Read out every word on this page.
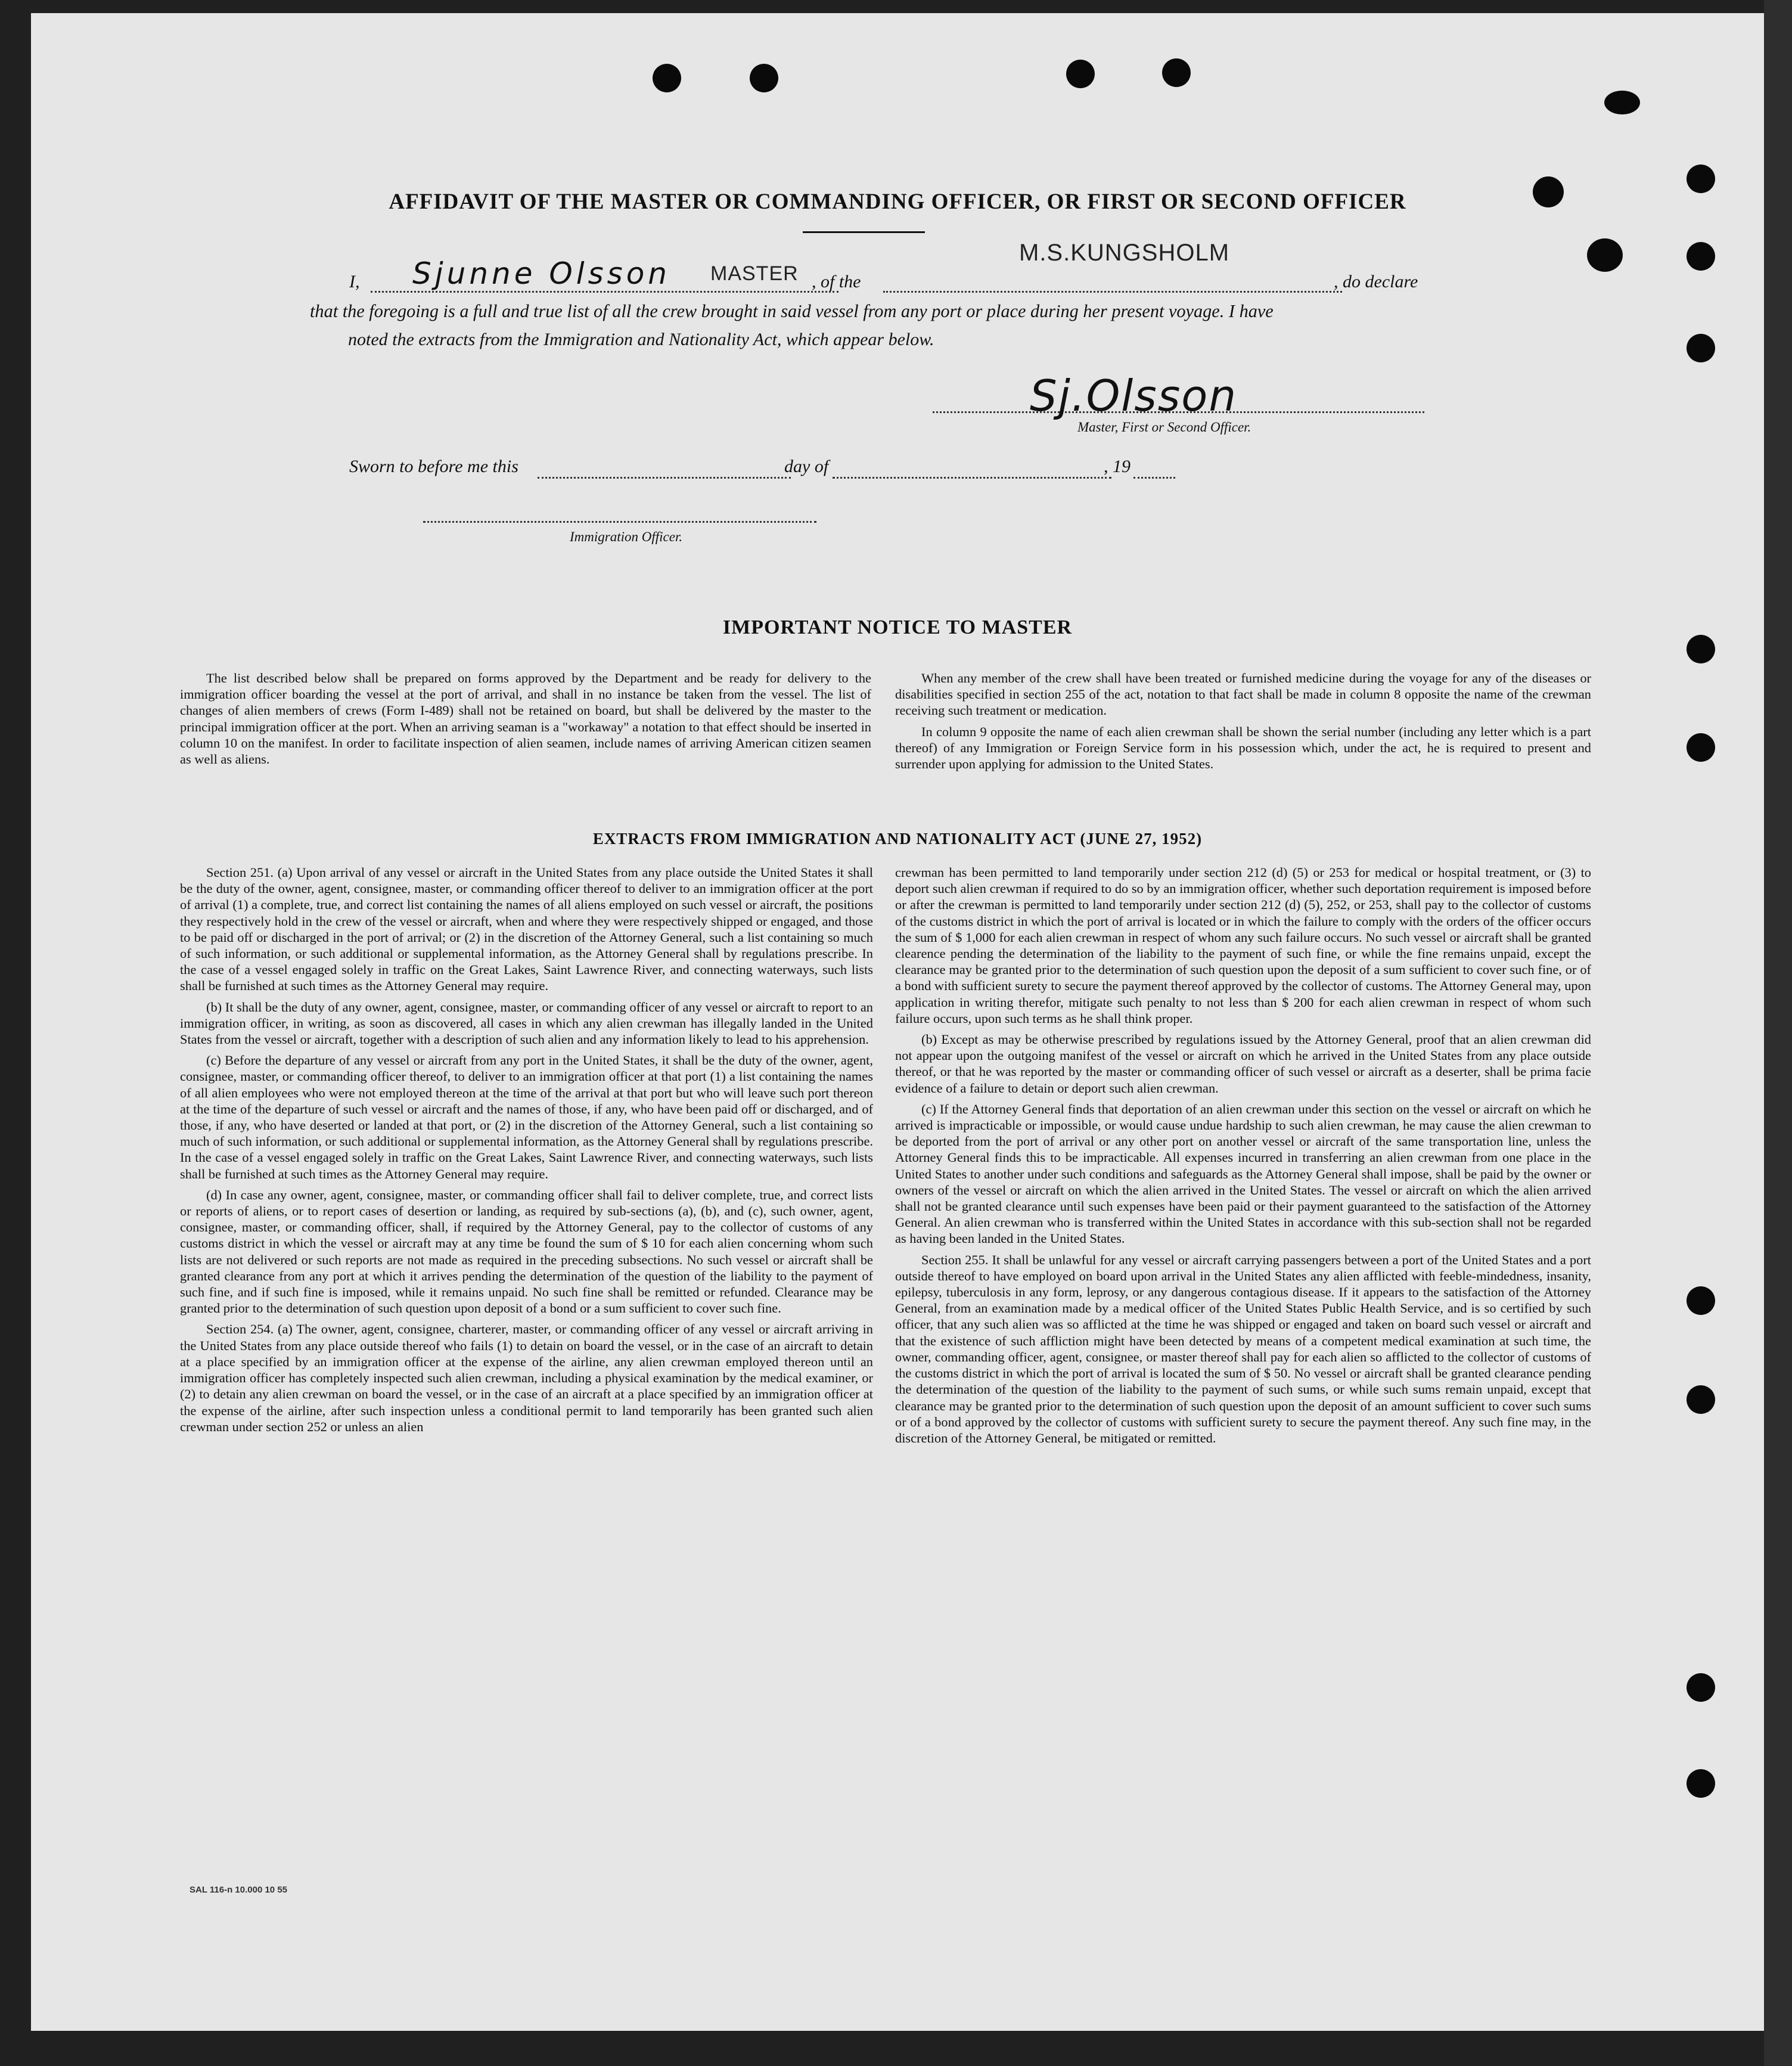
AFFIDAVIT OF THE MASTER OR COMMANDING OFFICER, OR FIRST OR SECOND OFFICER
I, Sjunne Olsson MASTER , of the
M.S.KUNGSHOLM
, do declare
that the foregoing is a full and true list of all the crew brought in said vessel from any port or place during her present voyage. I have
noted the extracts from the Immigration and Nationality Act, which appear below.
Sj.Olsson
Master, First or Second Officer.
Sworn to before me this	day of	, 19
Immigration Officer.
IMPORTANT NOTICE TO MASTER

The list described below shall be prepared on forms approved by the Department and be ready for delivery to the immigration officer boarding the vessel at the port of arrival, and shall in no instance be taken from the vessel. The list of changes of alien members of crews (Form I-489) shall not be retained on board, but shall be delivered by the master to the principal immigration officer at the port. When an arriving seaman is a "workaway" a notation to that effect should be inserted in column 10 on the manifest. In order to facilitate inspection of alien seamen, include names of arriving American citizen seamen as well as aliens.

When any member of the crew shall have been treated or furnished medicine during the voyage for any of the diseases or disabilities specified in section 255 of the act, notation to that fact shall be made in column 8 opposite the name of the crewman receiving such treatment or medication.

In column 9 opposite the name of each alien crewman shall be shown the serial number (including any letter which is a part thereof) of any Immigration or Foreign Service form in his possession which, under the act, he is required to present and surrender upon applying for admission to the United States.

EXTRACTS FROM IMMIGRATION AND NATIONALITY ACT (JUNE 27, 1952)

Section 251. (a) Upon arrival of any vessel or aircraft in the United States from any place outside the United States it shall be the duty of the owner, agent, consignee, master, or commanding officer thereof to deliver to an immigration officer at the port of arrival (1) a complete, true, and correct list containing the names of all aliens employed on such vessel or aircraft, the positions they respectively hold in the crew of the vessel or aircraft, when and where they were respectively shipped or engaged, and those to be paid off or discharged in the port of arrival; or (2) in the discretion of the Attorney General, such a list containing so much of such information, or such additional or supplemental information, as the Attorney General shall by regulations prescribe. In the case of a vessel engaged solely in traffic on the Great Lakes, Saint Lawrence River, and connecting waterways, such lists shall be furnished at such times as the Attorney General may require.

(b) It shall be the duty of any owner, agent, consignee, master, or commanding officer of any vessel or aircraft to report to an immigration officer, in writing, as soon as discovered, all cases in which any alien crewman has illegally landed in the United States from the vessel or aircraft, together with a description of such alien and any information likely to lead to his apprehension.

(c) Before the departure of any vessel or aircraft from any port in the United States, it shall be the duty of the owner, agent, consignee, master, or commanding officer thereof, to deliver to an immigration officer at that port (1) a list containing the names of all alien employees who were not employed thereon at the time of the arrival at that port but who will leave such port thereon at the time of the departure of such vessel or aircraft and the names of those, if any, who have been paid off or discharged, and of those, if any, who have deserted or landed at that port, or (2) in the discretion of the Attorney General, such a list containing so much of such information, or such additional or supplemental information, as the Attorney General shall by regulations prescribe. In the case of a vessel engaged solely in traffic on the Great Lakes, Saint Lawrence River, and connecting waterways, such lists shall be furnished at such times as the Attorney General may require.

(d) In case any owner, agent, consignee, master, or commanding officer shall fail to deliver complete, true, and correct lists or reports of aliens, or to report cases of desertion or landing, as required by sub-sections (a), (b), and (c), such owner, agent, consignee, master, or commanding officer, shall, if required by the Attorney General, pay to the collector of customs of any customs district in which the vessel or aircraft may at any time be found the sum of $ 10 for each alien concerning whom such lists are not delivered or such reports are not made as required in the preceding subsections. No such vessel or aircraft shall be granted clearance from any port at which it arrives pending the determination of the question of the liability to the payment of such fine, and if such fine is imposed, while it remains unpaid. No such fine shall be remitted or refunded. Clearance may be granted prior to the determination of such question upon deposit of a bond or a sum sufficient to cover such fine.

Section 254. (a) The owner, agent, consignee, charterer, master, or commanding officer of any vessel or aircraft arriving in the United States from any place outside thereof who fails (1) to detain on board the vessel, or in the case of an aircraft to detain at a place specified by an immigration officer at the expense of the airline, any alien crewman employed thereon until an immigration officer has completely inspected such alien crewman, including a physical examination by the medical examiner, or (2) to detain any alien crewman on board the vessel, or in the case of an aircraft at a place specified by an immigration officer at the expense of the airline, after such inspection unless a conditional permit to land temporarily has been granted such alien crewman under section 252 or unless an alien

crewman has been permitted to land temporarily under section 212 (d) (5) or 253 for medical or hospital treatment, or (3) to deport such alien crewman if required to do so by an immigration officer, whether such deportation requirement is imposed before or after the crewman is permitted to land temporarily under section 212 (d) (5), 252, or 253, shall pay to the collector of customs of the customs district in which the port of arrival is located or in which the failure to comply with the orders of the officer occurs the sum of $ 1,000 for each alien crewman in respect of whom any such failure occurs. No such vessel or aircraft shall be granted clearence pending the determination of the liability to the payment of such fine, or while the fine remains unpaid, except the clearance may be granted prior to the determination of such question upon the deposit of a sum sufficient to cover such fine, or of a bond with sufficient surety to secure the payment thereof approved by the collector of customs. The Attorney General may, upon application in writing therefor, mitigate such penalty to not less than $ 200 for each alien crewman in respect of whom such failure occurs, upon such terms as he shall think proper.

(b) Except as may be otherwise prescribed by regulations issued by the Attorney General, proof that an alien crewman did not appear upon the outgoing manifest of the vessel or aircraft on which he arrived in the United States from any place outside thereof, or that he was reported by the master or commanding officer of such vessel or aircraft as a deserter, shall be prima facie evidence of a failure to detain or deport such alien crewman.

(c) If the Attorney General finds that deportation of an alien crewman under this section on the vessel or aircraft on which he arrived is impracticable or impossible, or would cause undue hardship to such alien crewman, he may cause the alien crewman to be deported from the port of arrival or any other port on another vessel or aircraft of the same transportation line, unless the Attorney General finds this to be impracticable. All expenses incurred in transferring an alien crewman from one place in the United States to another under such conditions and safeguards as the Attorney General shall impose, shall be paid by the owner or owners of the vessel or aircraft on which the alien arrived in the United States. The vessel or aircraft on which the alien arrived shall not be granted clearance until such expenses have been paid or their payment guaranteed to the satisfaction of the Attorney General. An alien crewman who is transferred within the United States in accordance with this sub-section shall not be regarded as having been landed in the United States.

Section 255. It shall be unlawful for any vessel or aircraft carrying passengers between a port of the United States and a port outside thereof to have employed on board upon arrival in the United States any alien afflicted with feeble-mindedness, insanity, epilepsy, tuberculosis in any form, leprosy, or any dangerous contagious disease. If it appears to the satisfaction of the Attorney General, from an examination made by a medical officer of the United States Public Health Service, and is so certified by such officer, that any such alien was so afflicted at the time he was shipped or engaged and taken on board such vessel or aircraft and that the existence of such affliction might have been detected by means of a competent medical examination at such time, the owner, commanding officer, agent, consignee, or master thereof shall pay for each alien so afflicted to the collector of customs of the customs district in which the port of arrival is located the sum of $ 50. No vessel or aircraft shall be granted clearance pending the determination of the question of the liability to the payment of such sums, or while such sums remain unpaid, except that clearance may be granted prior to the determination of such question upon the deposit of an amount sufficient to cover such sums or of a bond approved by the collector of customs with sufficient surety to secure the payment thereof. Any such fine may, in the discretion of the Attorney General, be mitigated or remitted.

SAL 116-n 10.000 10 55
